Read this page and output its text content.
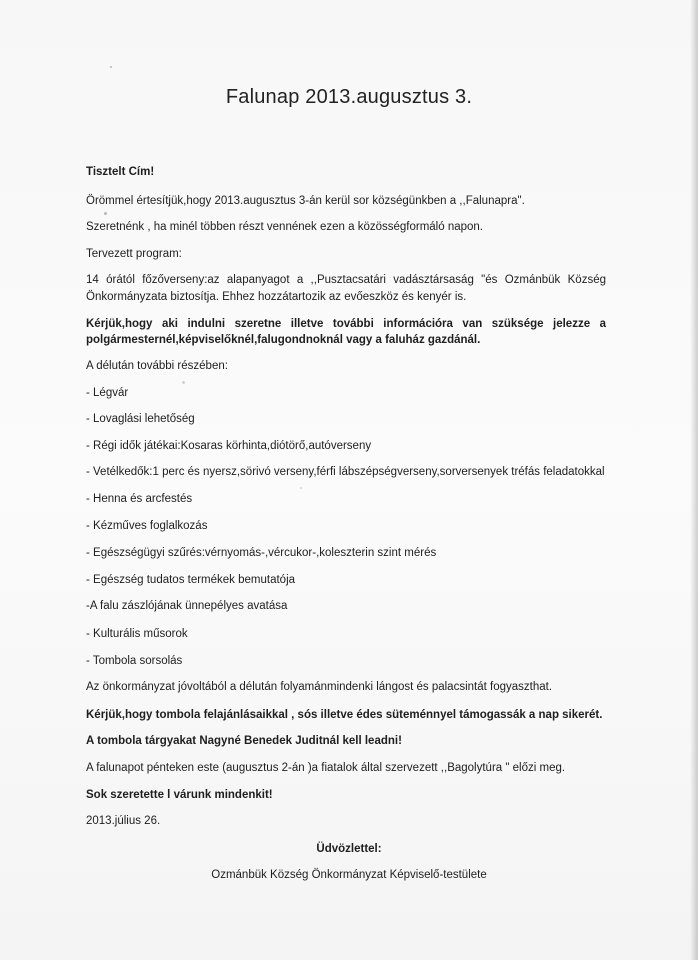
Falunap 2013.augusztus 3.
Tisztelt Cím!
Örömmel értesítjük,hogy 2013.augusztus 3-án kerül sor községünkben a ,,Falunapra".
Szeretnénk , ha minél többen részt vennének ezen a közösségformáló napon.
Tervezett program:
14 órától főzőverseny:az alapanyagot a ,,Pusztacsatári vadásztársaság "és Ozmánbük Község
Önkormányzata biztosítja. Ehhez hozzátartozik az evőeszköz és kenyér is.
Kérjük,hogy aki indulni szeretne illetve további információra van szüksége jelezze a
polgármesternél,képviselőknél,falugondnoknál vagy a faluház gazdánál.
A délután további részében:
- Légvár
- Lovaglási lehetőség
- Régi idők játékai:Kosaras körhinta,diótörő,autóverseny
- Vetélkedők:1 perc és nyersz,sörivó verseny,férfi lábszépségverseny,sorversenyek tréfás feladatokkal
- Henna és arcfestés
- Kézműves foglalkozás
- Egészségügyi szűrés:vérnyomás-,vércukor-,koleszterin szint mérés
- Egészség tudatos termékek bemutatója
-A falu zászlójának ünnepélyes avatása
- Kulturális műsorok
- Tombola sorsolás
Az önkormányzat jóvoltából a délután folyamánmindenki lángost és palacsintát fogyaszthat.
Kérjük,hogy tombola felajánlásaikkal , sós illetve édes süteménnyel támogassák a nap sikerét.
A tombola tárgyakat Nagyné Benedek Juditnál kell leadni!
A falunapot pénteken este (augusztus 2-án )a fiatalok által szervezett ,,Bagolytúra " előzi meg.
Sok szeretette l várunk mindenkit!
2013.július 26.
Üdvözlettel:
Ozmánbük Község Önkormányzat Képviselő-testülete
